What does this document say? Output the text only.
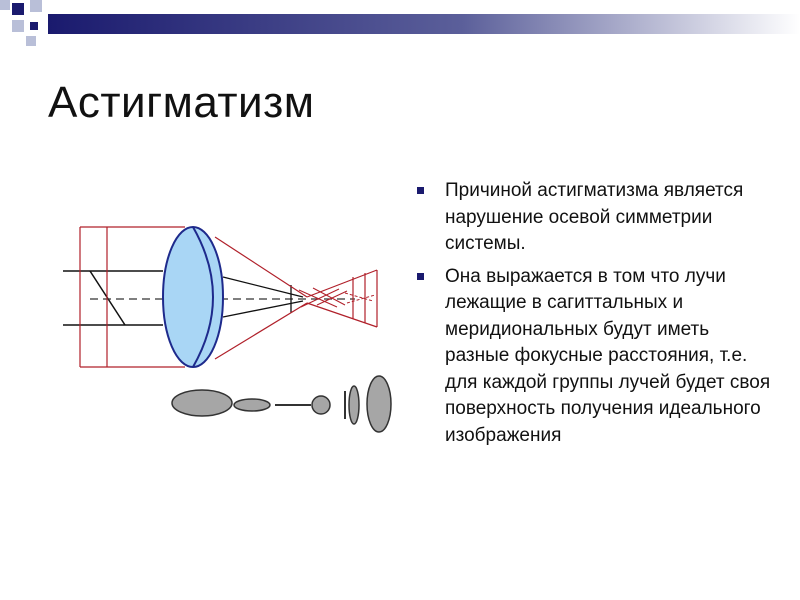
Астигматизм
Причиной астигматизма является нарушение осевой симметрии системы.
Она выражается в том что лучи лежащие в сагиттальных и меридиональных будут иметь разные фокусные расстояния, т.е. для каждой группы лучей будет своя поверхность получения идеального изображения
